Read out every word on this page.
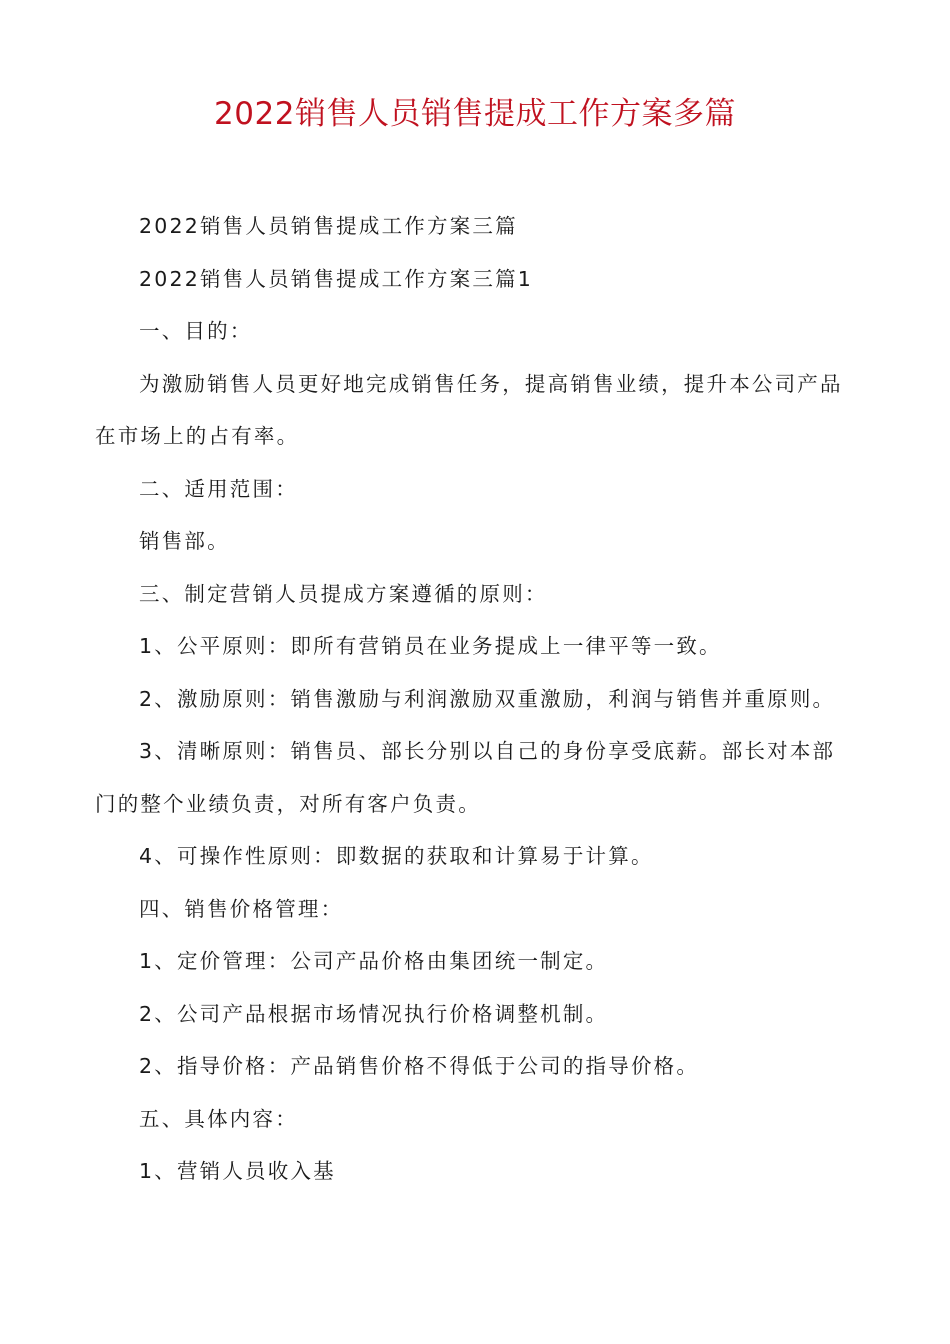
2022销售人员销售提成工作方案多篇

2022销售人员销售提成工作方案三篇

2022销售人员销售提成工作方案三篇1

一、目的：

为激励销售人员更好地完成销售任务，提高销售业绩，提升本公司产品在市场上的占有率。

二、适用范围：

销售部。

三、制定营销人员提成方案遵循的原则：

1、公平原则：即所有营销员在业务提成上一律平等一致。

2、激励原则：销售激励与利润激励双重激励，利润与销售并重原则。

3、清晰原则：销售员、部长分别以自己的身份享受底薪。部长对本部门的整个业绩负责，对所有客户负责。

4、可操作性原则：即数据的获取和计算易于计算。

四、销售价格管理：

1、定价管理：公司产品价格由集团统一制定。

2、公司产品根据市场情况执行价格调整机制。

2、指导价格：产品销售价格不得低于公司的指导价格。

五、具体内容：

1、营销人员收入基
